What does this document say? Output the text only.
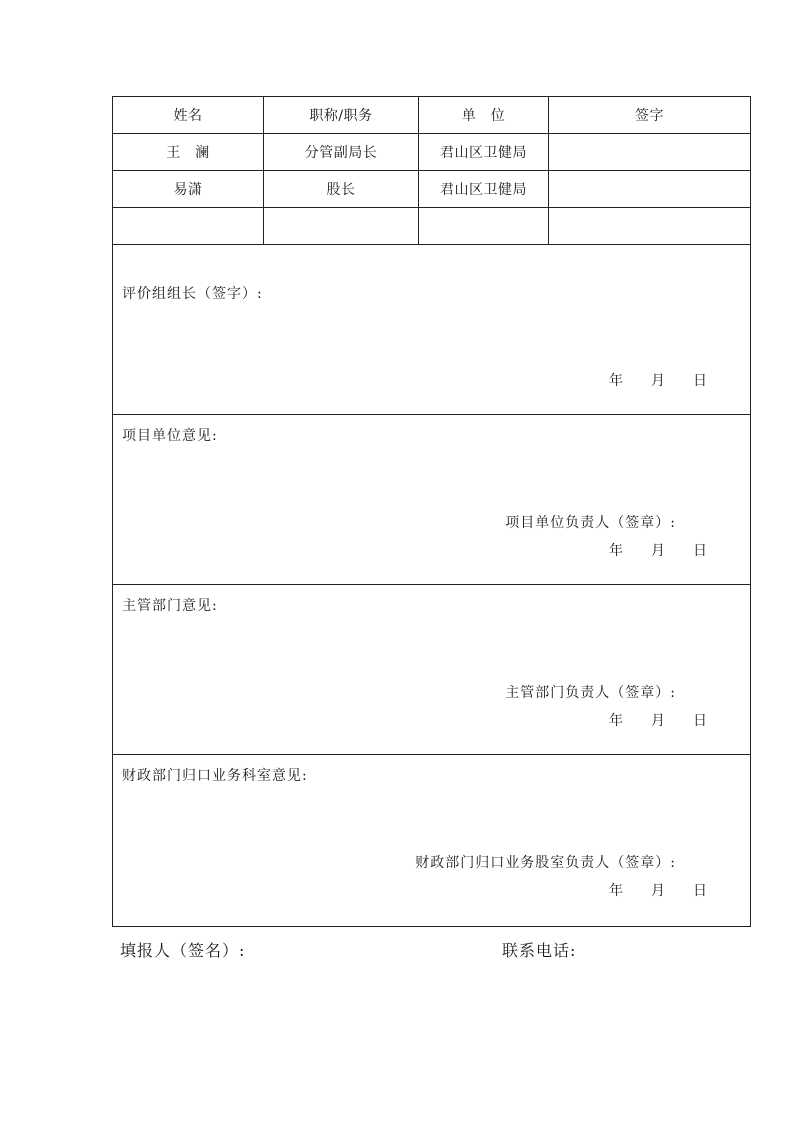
姓名	职称/职务	单　位	签字
王　澜	分管副局长	君山区卫健局
易潇	股长	君山区卫健局
评价组组长（签字）:
年　　月　　日
项目单位意见:
项目单位负责人（签章）:
年　　月　　日
主管部门意见:
主管部门负责人（签章）:
年　　月　　日
财政部门归口业务科室意见:
财政部门归口业务股室负责人（签章）:
年　　月　　日
填报人（签名）:	联系电话:
